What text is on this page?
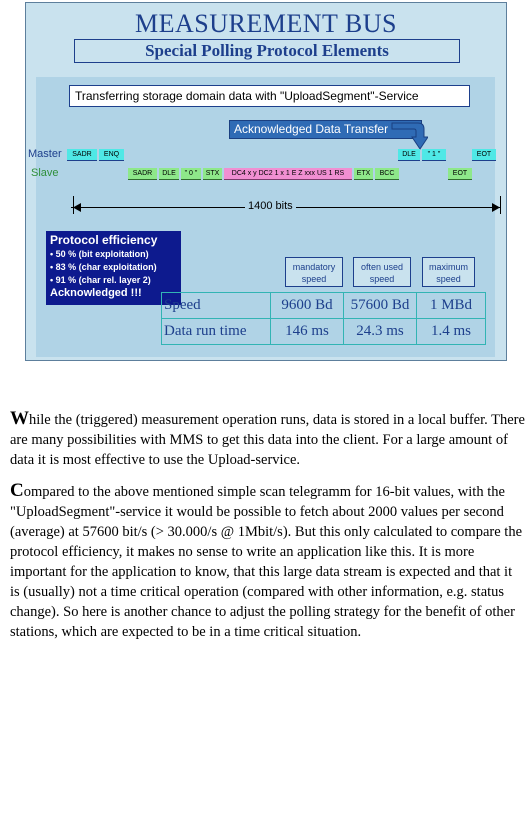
MEASUREMENT BUS
Special Polling Protocol Elements
Transferring storage domain data with "UploadSegment"-Service
Acknowledged Data Transfer
Master
Slave
SADR	ENQ	DLE	" 1 "	EOT
SADR	DLE	" 0 "	STX	DC4 x y DC2 1 x 1 E Z xxx US 1 RS	ETX	BCC	EOT
1400 bits
Protocol efficiency
• 50 % (bit exploitation)
• 83 % (char exploitation)
• 91 % (char rel. layer 2)
Acknowledged !!!
mandatory
speed
often used
speed
maximum
speed
Speed	9600 Bd	57600 Bd	1 MBd
Data run time	146 ms	24.3 ms	1.4 ms

While the (triggered) measurement operation runs, data is stored in a local buffer. There are many possibilities with MMS to get this data into the client. For a large amount of data it is most effective to use the Upload-service.

Compared to the above mentioned simple scan telegramm for 16-bit values, with the "UploadSegment"-service it would be possible to fetch about 2000 values per second (average) at 57600 bit/s (> 30.000/s @ 1Mbit/s). But this only calculated to compare the protocol efficiency, it makes no sense to write an application like this. It is more important for the application to know, that this large data stream is expected and that it is (usually) not a time critical operation (compared with other information, e.g. status change). So here is another chance to adjust the polling strategy for the benefit of other stations, which are expected to be in a time critical situation.
